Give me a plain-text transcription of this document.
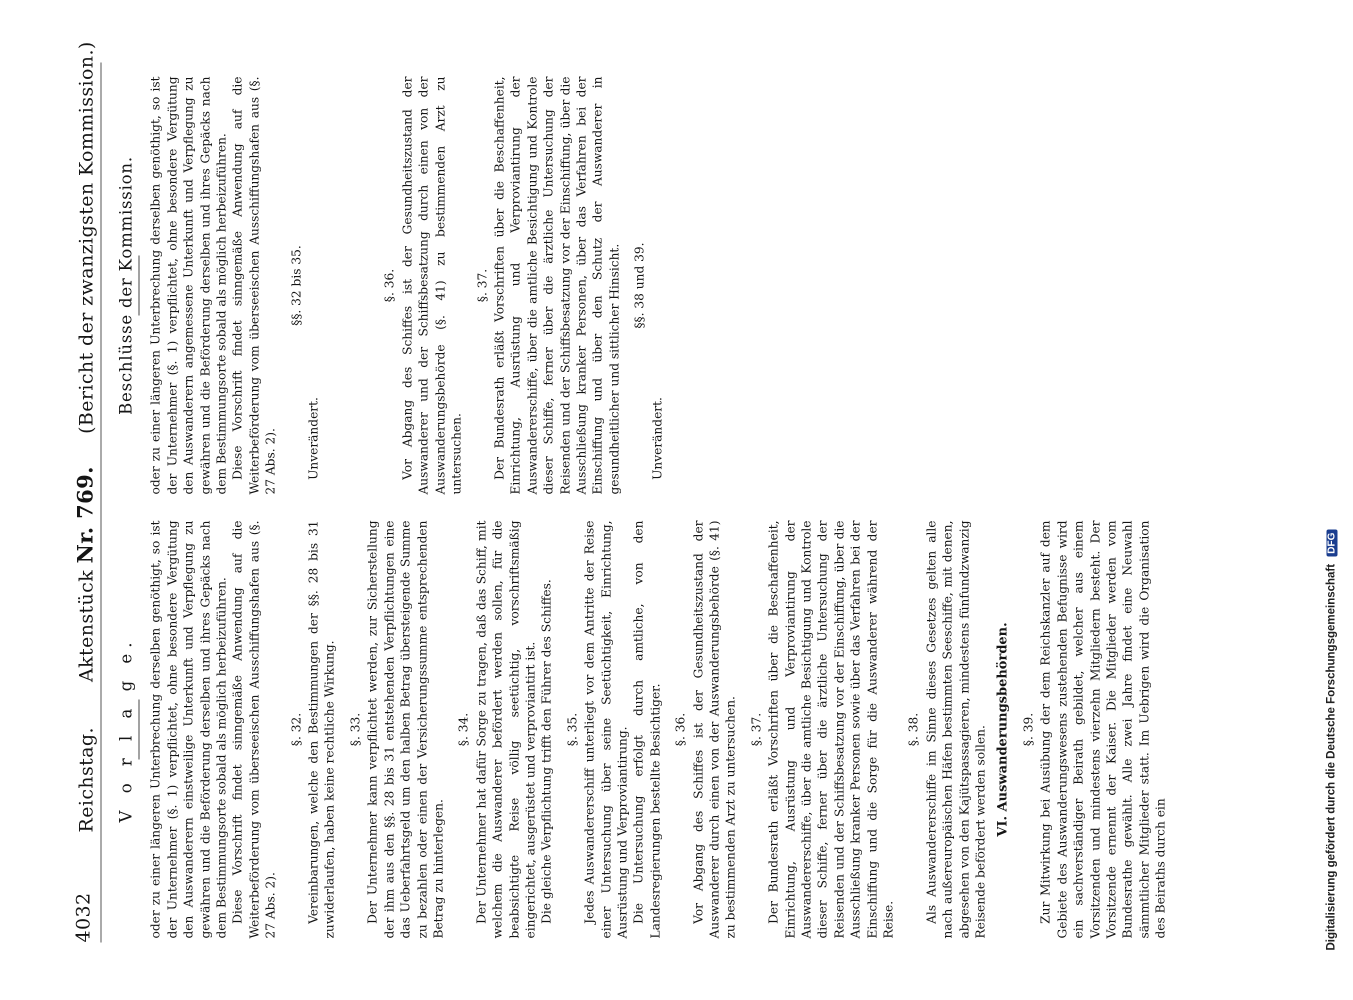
4032
Reichstag.       Aktenstück Nr. 769.     (Bericht der zwanzigsten Kommission.)
V o r l a g e. oder zu einer längeren Unterbrechung derselben genöthigt, so ist der Unternehmer (§. 1) verpflichtet, ohne besondere Vergütung den Auswanderern einstweilige Unterkunft und Verpflegung zu gewähren und die Beförderung derselben und ihres Gepäcks nach dem Bestimmungsorte sobald als möglich herbeizuführen. Diese Vorschrift findet sinngemäße Anwendung auf die Weiterbeförderung vom überseeischen Ausschiffungshafen aus (§. 27 Abs. 2).

§. 32. Vereinbarungen, welche den Bestimmungen der §§. 28 bis 31 zuwiderlaufen, haben keine rechtliche Wirkung. §. 33. Der Unternehmer kann verpflichtet werden, zur Sicherstellung der ihm aus den §§. 28 bis 31 entstehenden Verpflichtungen eine das Ueberfahrtsgeld um den halben Betrag übersteigende Summe zu bezahlen oder einen der Versicherungssumme entsprechenden Betrag zu hinterlegen.

§. 34. Der Unternehmer hat dafür Sorge zu tragen, daß das Schiff, mit welchem die Auswanderer befördert werden sollen, für die beabsichtigte Reise völlig seetüchtig, vorschriftsmäßig eingerichtet, ausgerüstet und verproviantirt ist. Die gleiche Verpflichtung trifft den Führer des Schiffes. §. 35. Jedes Auswandererschiff unterliegt vor dem Antritte der Reise einer Untersuchung über seine Seetüchtigkeit, Einrichtung, Ausrüstung und Verproviantirung. Die Untersuchung erfolgt durch amtliche, von den Landesregierungen bestellte Besichtiger. §. 36. Vor Abgang des Schiffes ist der Gesundheitszustand der Auswanderer durch einen von der Auswanderungsbehörde (§. 41) zu bestimmenden Arzt zu untersuchen. §. 37. Der Bundesrath erläßt Vorschriften über die Beschaffenheit, Einrichtung, Ausrüstung und Verproviantirung der Auswandererschiffe, über die amtliche Besichtigung und Kontrole dieser Schiffe, ferner über die ärztliche Untersuchung der Reisenden und der Schiffsbesatzung vor der Einschiffung, über die Ausschließung kranker Personen sowie über das Verfahren bei der Einschiffung und die Sorge für die Auswanderer während der Reise.

§. 38. Als Auswandererschiffe im Sinne dieses Gesetzes gelten alle nach außereuropäischen Häfen bestimmten Seeschiffe, mit denen, abgesehen von den Kajütspassagieren, mindestens fünfundzwanzig Reisende befördert werden sollen. VI. Auswanderungsbehörden. §. 39. Zur Mitwirkung bei Ausübung der dem Reichskanzler auf dem Gebiete des Auswanderungswesens zustehenden Befugnisse wird ein sachverständiger Beirath gebildet, welcher aus einem Vorsitzenden und mindestens vierzehn Mitgliedern besteht. Der Vorsitzende ernennt der Kaiser. Die Mitglieder werden vom Bundesrathe gewählt. Alle zwei Jahre findet eine Neuwahl sämmtlicher Mitglieder statt. Im Uebrigen wird die Organisation des Beiraths durch ein

Beschlüsse der Kommission. oder zu einer längeren Unterbrechung derselben genöthigt, so ist der Unternehmer (§. 1) verpflichtet, ohne besondere Vergütung den Auswanderern angemessene Unterkunft und Verpflegung zu gewähren und die Beförderung derselben und ihres Gepäcks nach dem Bestimmungsorte sobald als möglich herbeizuführen. Diese Vorschrift findet sinngemäße Anwendung auf die Weiterbeförderung vom überseeischen Ausschiffungshafen aus (§. 27 Abs. 2).

§§. 32 bis 35.

Unverändert.

§. 36. Vor Abgang des Schiffes ist der Gesundheitszustand der Auswanderer und der Schiffsbesatzung durch einen von der Auswanderungsbehörde (§. 41) zu bestimmenden Arzt zu untersuchen.

§. 37. Der Bundesrath erläßt Vorschriften über die Beschaffenheit, Einrichtung, Ausrüstung und Verproviantirung der Auswandererschiffe, über die amtliche Besichtigung und Kontrole dieser Schiffe, ferner über die ärztliche Untersuchung der Reisenden und der Schiffsbesatzung vor der Einschiffung, über die Ausschließung kranker Personen, über das Verfahren bei der Einschiffung und über den Schutz der Auswanderer in gesundheitlicher und sittlicher Hinsicht. §§. 38 und 39.

Unverändert.

Digitalisierung gefördert durch die Deutsche Forschungsgemeinschaft DFG
